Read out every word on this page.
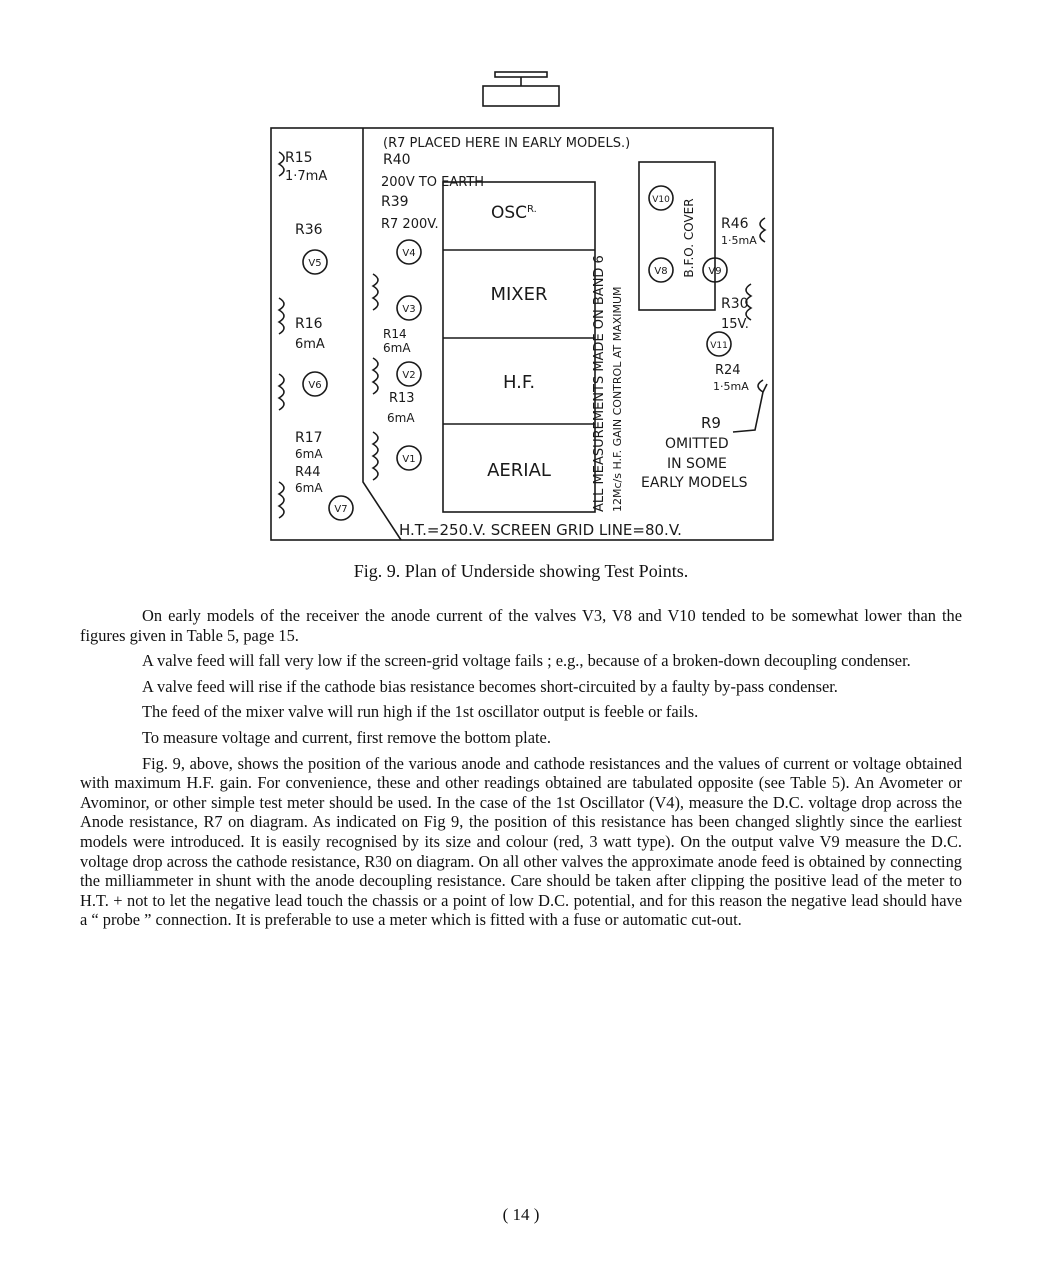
(R7 PLACED HERE IN EARLY MODELS.)
R15
1·7mA
R36
V5
R16
6mA
V6
R17
6mA
R44
6mA
V7
R40
200V TO EARTH
R39
R7 200V.
V4
V3
R14
6mA
V2
R13
6mA
V1
$OSC^{R.}$
MIXER
H.F.
AERIAL	ALL MEASUREMENTS MADE ON BAND 6 12Mc/s H.F. GAIN CONTROL AT MAXIMUM
V10 B.F.O. COVER
V8	V9
R46
1·5mA
R30
15V.
V11
R24
1·5mA
R9
OMITTED
IN SOME
EARLY MODELS
H.T.=250.V. SCREEN GRID LINE=80.V.
Fig. 9. Plan of Underside showing Test Points.

On early models of the receiver the anode current of the valves V3, V8 and V10 tended to be somewhat lower than the figures given in Table 5, page 15.

A valve feed will fall very low if the screen-grid voltage fails ; e.g., because of a broken-down decoupling condenser.

A valve feed will rise if the cathode bias resistance becomes short-circuited by a faulty by-pass condenser.

The feed of the mixer valve will run high if the 1st oscillator output is feeble or fails.

To measure voltage and current, first remove the bottom plate.

Fig. 9, above, shows the position of the various anode and cathode resistances and the values of current or voltage obtained with maximum H.F. gain. For convenience, these and other readings obtained are tabulated opposite (see Table 5). An Avometer or Avominor, or other simple test meter should be used. In the case of the 1st Oscillator (V4), measure the D.C. voltage drop across the Anode resistance, R7 on diagram. As indicated on Fig 9, the position of this resistance has been changed slightly since the earliest models were introduced. It is easily recognised by its size and colour (red, 3 watt type). On the output valve V9 measure the D.C. voltage drop across the cathode resistance, R30 on diagram. On all other valves the approximate anode feed is obtained by connecting the milliammeter in shunt with the anode decoupling resistance. Care should be taken after clipping the positive lead of the meter to H.T. + not to let the negative lead touch the chassis or a point of low D.C. potential, and for this reason the negative lead should have a “ probe ” connection. It is preferable to use a meter which is fitted with a fuse or automatic cut-out.

( 14 )
